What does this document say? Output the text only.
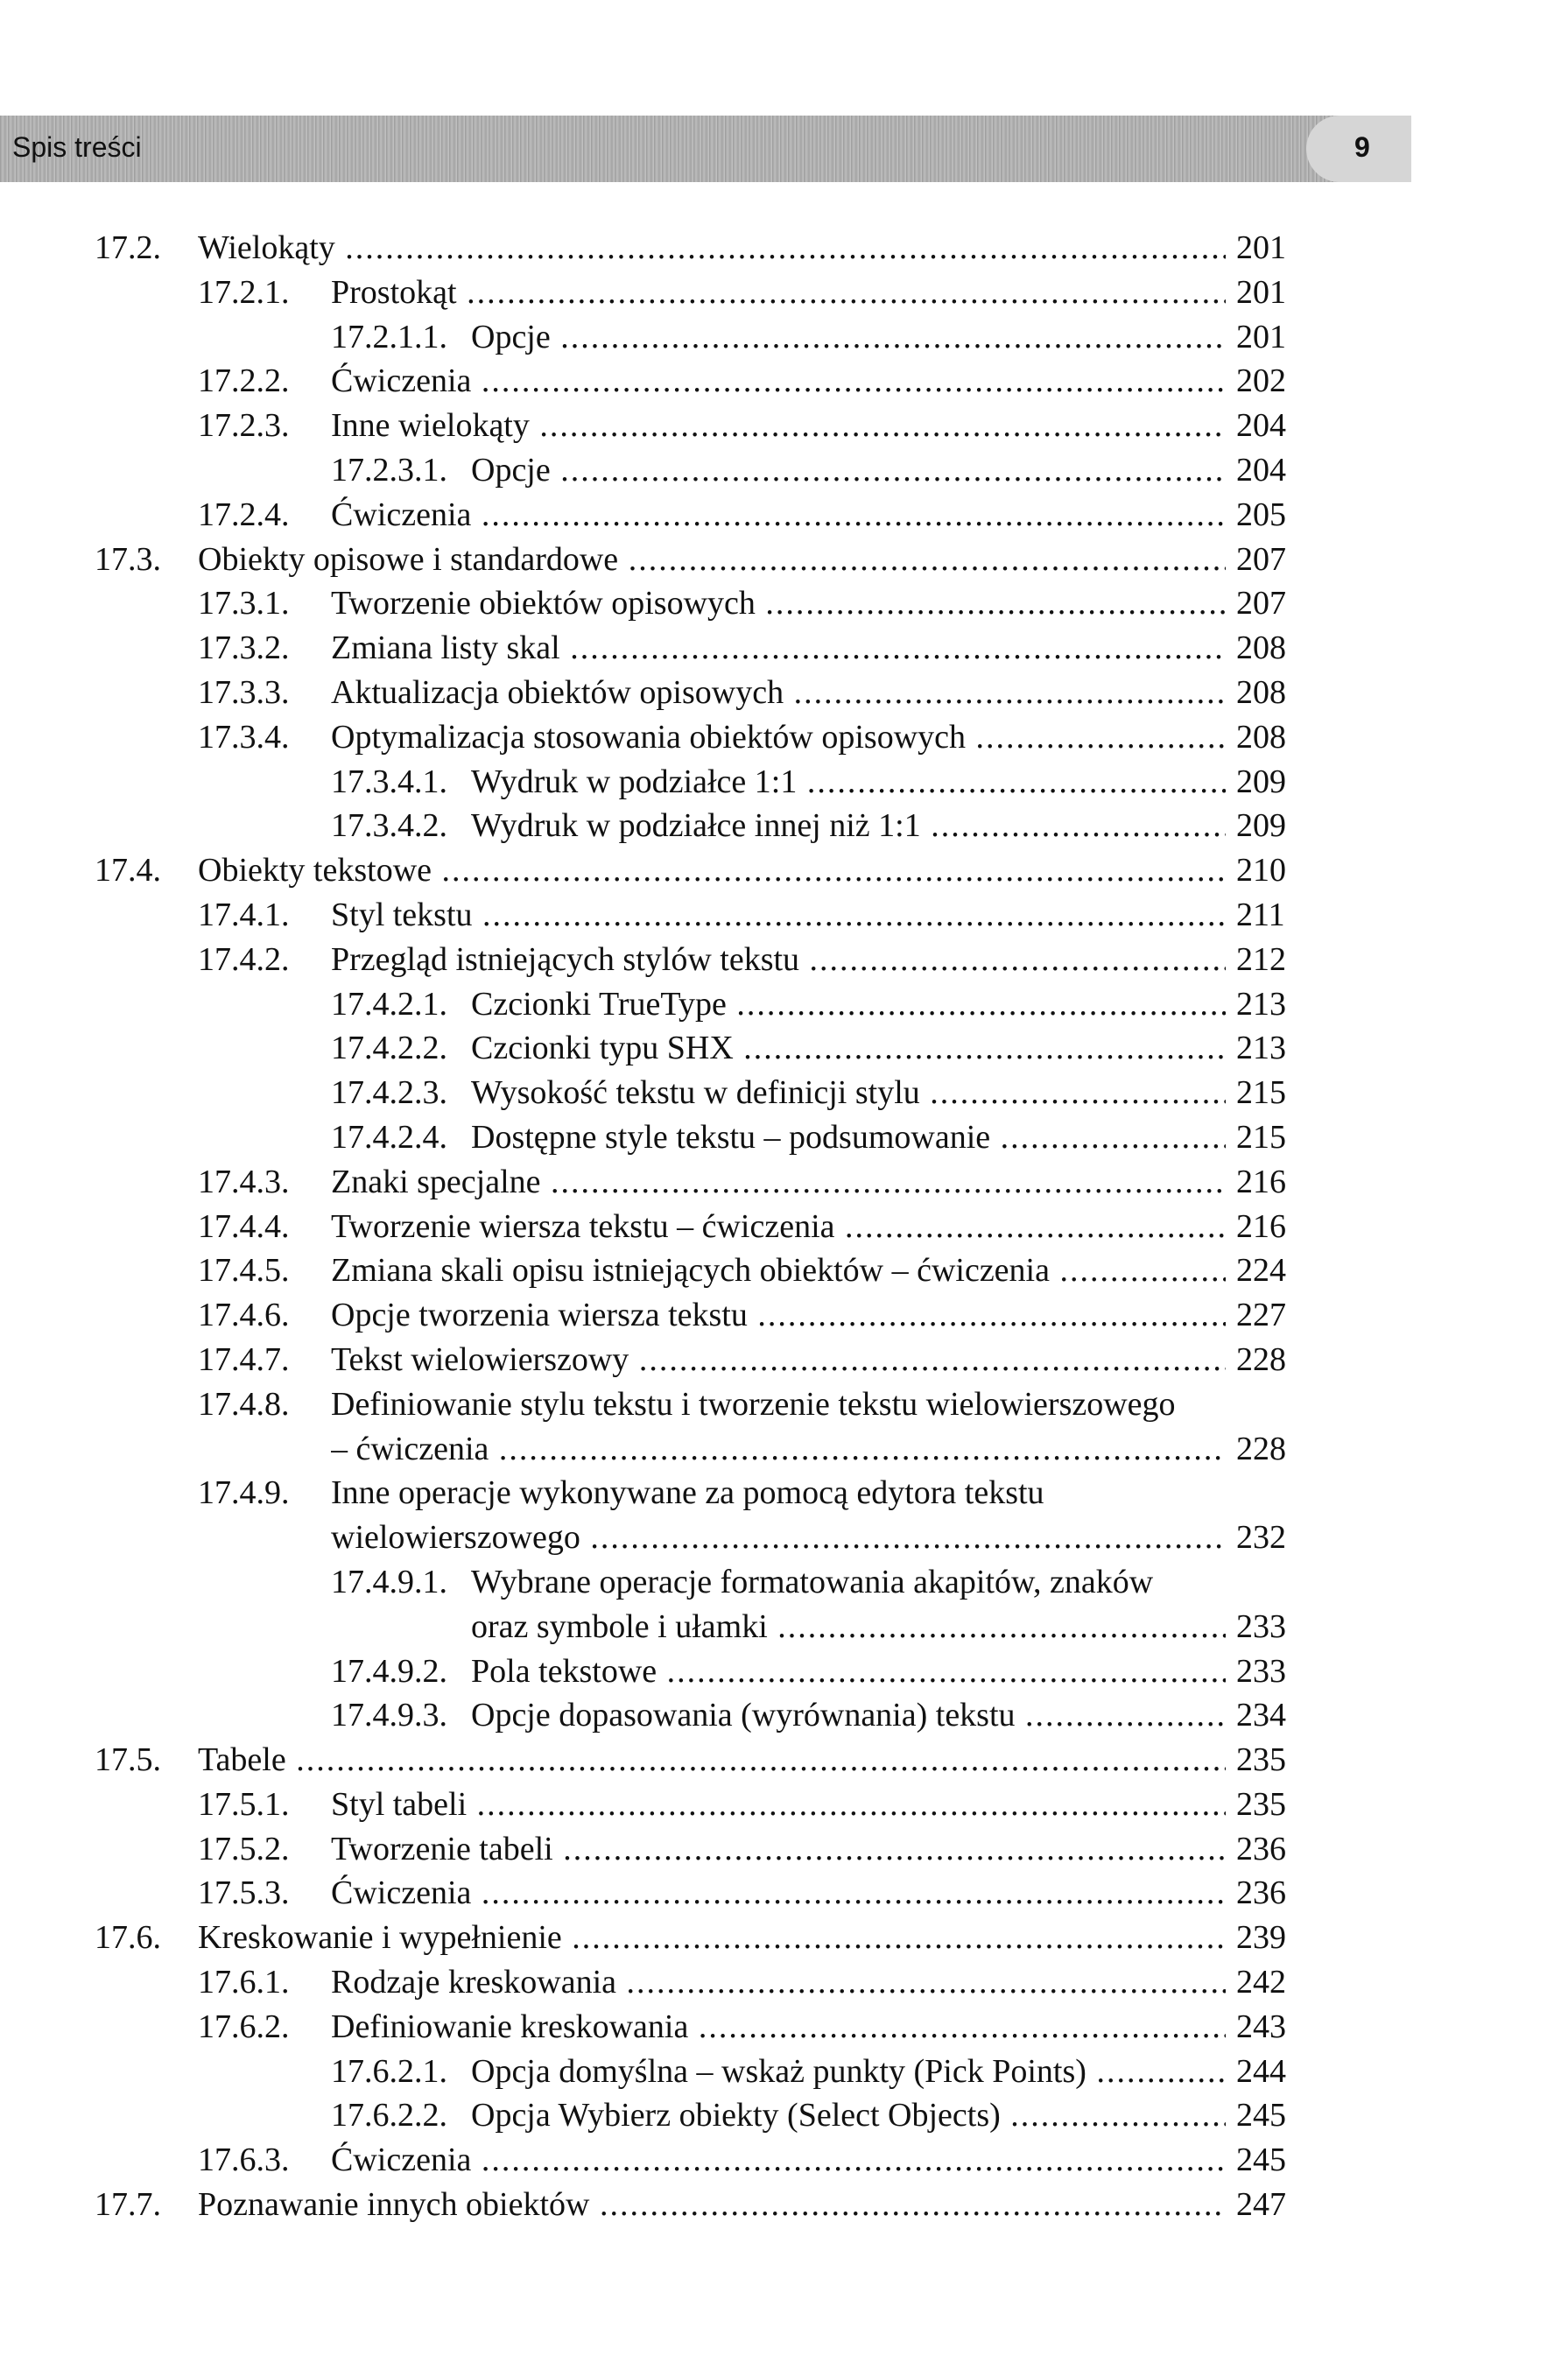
Spis treści	9
17.2. Wielokąty .....	201
17.2.1. Prostokąt .....	201
17.2.1.1. Opcje .....	201
17.2.2. Ćwiczenia .....	202
17.2.3. Inne wielokąty .....	204
17.2.3.1. Opcje .....	204
17.2.4. Ćwiczenia .....	205
17.3. Obiekty opisowe i standardowe .....	207
17.3.1. Tworzenie obiektów opisowych .....	207
17.3.2. Zmiana listy skal .....	208
17.3.3. Aktualizacja obiektów opisowych .....	208
17.3.4. Optymalizacja stosowania obiektów opisowych .....	208
17.3.4.1. Wydruk w podziałce 1:1 .....	209
17.3.4.2. Wydruk w podziałce innej niż 1:1 .....	209
17.4. Obiekty tekstowe .....	210
17.4.1. Styl tekstu .....	211
17.4.2. Przegląd istniejących stylów tekstu .....	212
17.4.2.1. Czcionki TrueType .....	213
17.4.2.2. Czcionki typu SHX .....	213
17.4.2.3. Wysokość tekstu w definicji stylu .....	215
17.4.2.4. Dostępne style tekstu – podsumowanie .....	215
17.4.3. Znaki specjalne .....	216
17.4.4. Tworzenie wiersza tekstu – ćwiczenia .....	216
17.4.5. Zmiana skali opisu istniejących obiektów – ćwiczenia .....	224
17.4.6. Opcje tworzenia wiersza tekstu .....	227
17.4.7. Tekst wielowierszowy .....	228
17.4.8. Definiowanie stylu tekstu i tworzenie tekstu wielowierszowego
– ćwiczenia .....	228
17.4.9. Inne operacje wykonywane za pomocą edytora tekstu
wielowierszowego .....	232
17.4.9.1. Wybrane operacje formatowania akapitów, znaków
oraz symbole i ułamki .....	233
17.4.9.2. Pola tekstowe .....	233
17.4.9.3. Opcje dopasowania (wyrównania) tekstu .....	234
17.5. Tabele .....	235
17.5.1. Styl tabeli .....	235
17.5.2. Tworzenie tabeli .....	236
17.5.3. Ćwiczenia .....	236
17.6. Kreskowanie i wypełnienie .....	239
17.6.1. Rodzaje kreskowania .....	242
17.6.2. Definiowanie kreskowania .....	243
17.6.2.1. Opcja domyślna – wskaż punkty (Pick Points) .....	244
17.6.2.2. Opcja Wybierz obiekty (Select Objects) .....	245
17.6.3. Ćwiczenia .....	245
17.7. Poznawanie innych obiektów .....	247
